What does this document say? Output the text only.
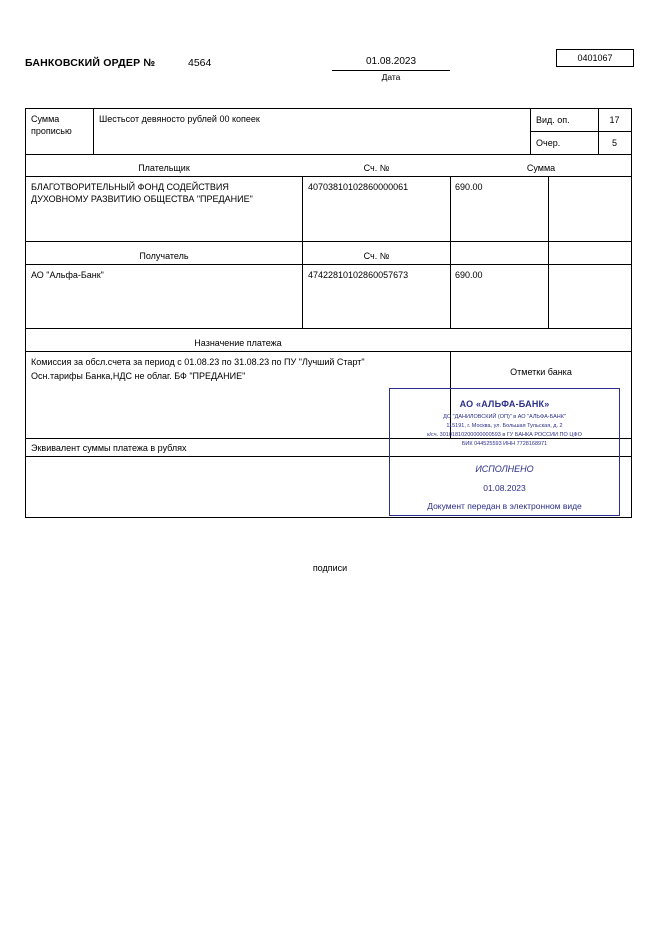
БАНКОВСКИЙ ОРДЕР №	4564	01.08.2023
Дата
0401067
Сумма
прописью
Шестьсот девяносто рублей 00 копеек	Вид. оп.	17
Очер.	5
Плательщик	Сч. №	Сумма
БЛАГОТВОРИТЕЛЬНЫЙ ФОНД СОДЕЙСТВИЯ
ДУХОВНОМУ РАЗВИТИЮ ОБЩЕСТВА "ПРЕДАНИЕ"
40703810102860000061	690.00
Получатель	Сч. №
АО "Альфа-Банк"	47422810102860057673	690.00
Назначение платежа
Комиссия за обсл.счета за период с 01.08.23 по 31.08.23 по ПУ "Лучший Старт"
Осн.тарифы Банка,НДС не облаг. БФ "ПРЕДАНИЕ"	Отметки банка
Эквивалент суммы платежа в рублях
АО «АЛЬФА-БАНК»
ДО "ДАНИЛОВСКИЙ (ОП)" в АО "АЛЬФА-БАНК"
115191, г. Москва, ул. Большая Тульская, д. 2
к/сч. 30101810200000000593 в ГУ БАНКА РОССИИ ПО ЦФО
БИК 044525593 ИНН 7728168971
ИСПОЛНЕНО
01.08.2023
Документ передан в электронном виде
подписи
